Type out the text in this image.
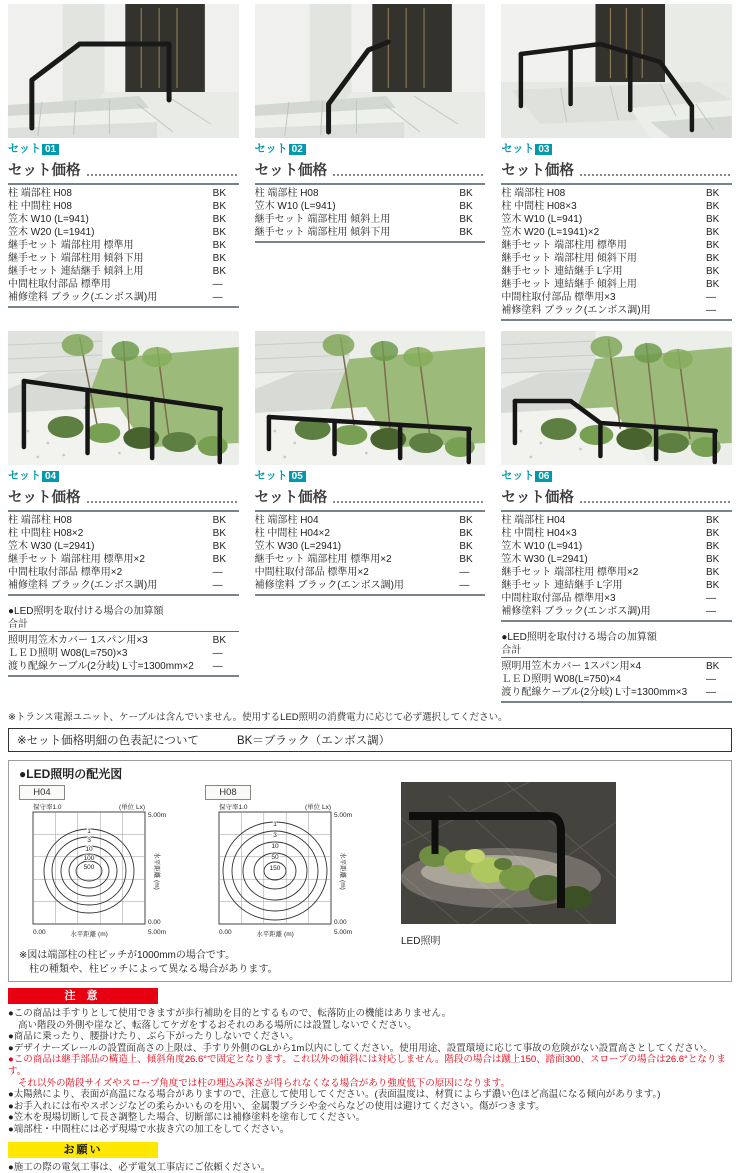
セット 01
セット価格
柱 端部柱 H08	BK
柱 中間柱 H08	BK
笠木 W10 (L=941)	BK
笠木 W20 (L=1941)	BK
継手セット 端部柱用 標準用	BK
継手セット 端部柱用 傾斜下用	BK
継手セット 連結継手 傾斜上用	BK
中間柱取付部品 標準用	—
補修塗料 ブラック(エンボス調)用	—
セット 02
セット価格
柱 端部柱 H08	BK
笠木 W10 (L=941)	BK
継手セット 端部柱用 傾斜上用	BK
継手セット 端部柱用 傾斜下用	BK
セット 03
セット価格
柱 端部柱 H08	BK
柱 中間柱 H08×3	BK
笠木 W10 (L=941)	BK
笠木 W20 (L=1941)×2	BK
継手セット 端部柱用 標準用	BK
継手セット 端部柱用 傾斜下用	BK
継手セット 連結継手 L字用	BK
継手セット 連結継手 傾斜上用	BK
中間柱取付部品 標準用×3	—
補修塗料 ブラック(エンボス調)用	—
セット 04
セット価格
柱 端部柱 H08	BK
柱 中間柱 H08×2	BK
笠木 W30 (L=2941)	BK
継手セット 端部柱用 標準用×2	BK
中間柱取付部品 標準用×2	—
補修塗料 ブラック(エンボス調)用	—
●LED照明を取付ける場合の加算額
合計
照明用笠木カバー 1スパン用×3	BK
ＬＥＤ照明 W08(L=750)×3	—
渡り配線ケーブル(2分岐) L寸=1300mm×2	—
セット 05
セット価格
柱 端部柱 H04	BK
柱 中間柱 H04×2	BK
笠木 W30 (L=2941)	BK
継手セット 端部柱用 標準用×2	BK
中間柱取付部品 標準用×2	—
補修塗料 ブラック(エンボス調)用	—
セット 06
セット価格
柱 端部柱 H04	BK
柱 中間柱 H04×3	BK
笠木 W10 (L=941)	BK
笠木 W30 (L=2941)	BK
継手セット 端部柱用 標準用×2	BK
継手セット 連結継手 L字用	BK
中間柱取付部品 標準用×3	—
補修塗料 ブラック(エンボス調)用	—
●LED照明を取付ける場合の加算額
合計
照明用笠木カバー 1スパン用×4	BK
ＬＥＤ照明 W08(L=750)×4	—
渡り配線ケーブル(2分岐) L寸=1300mm×3	—
※トランス電源ユニット、ケーブルは含んでいません。使用するLED照明の消費電力に応じて必ず選択してください。
※セット価格明細の色表記について	BK＝ブラック（エンボス調）
●LED照明の配光図
H04
保守率1.0	(単位 Lx)
1
3
10
100
500
5.00m
水平距離 (m)
0.00
5.00m
0.00	水平距離 (m)
H08
保守率1.0	(単位 Lx)
1
3
10
50
150
5.00m
水平距離 (m)
0.00
5.00m
0.00	水平距離 (m)
LED照明
※図は端部柱の柱ピッチが1000mmの場合です。
柱の種類や、柱ピッチによって異なる場合があります。
注 意
●この商品は手すりとして使用できますが歩行補助を目的とするもので、転落防止の機能はありません。
高い階段の外側や崖など、転落してケガをするおそれのある場所には設置しないでください。
●商品に乗ったり、腰掛けたり、ぶら下がったりしないでください。
●デザイナーズレールの設置面高さの上限は、手すり外側のGLから1m以内にしてください。使用用途、設置環境に応じて事故の危険がない設置高さとしてください。
●この商品は継手部品の構造上、傾斜角度26.6°で固定となります。これ以外の傾斜には対応しません。階段の場合は蹴上150、踏面300、スロープの場合は26.6°となります。
それ以外の階段サイズやスロープ角度では柱の埋込み深さが得られなくなる場合があり強度低下の原因になります。
●太陽熱により、表面が高温になる場合がありますので、注意して使用してください。(表面温度は、材質によらず濃い色ほど高温になる傾向があります。)
●お手入れには布やスポンジなどの柔らかいものを用い、金属製ブラシや金べらなどの使用は避けてください。傷がつきます。
●笠木を現場切断して長さ調整した場合、切断部には補修塗料を塗布してください。
●端部柱・中間柱には必ず現場で水抜き穴の加工をしてください。
お願い
●施工の際の電気工事は、必ず電気工事店にご依頼ください。
